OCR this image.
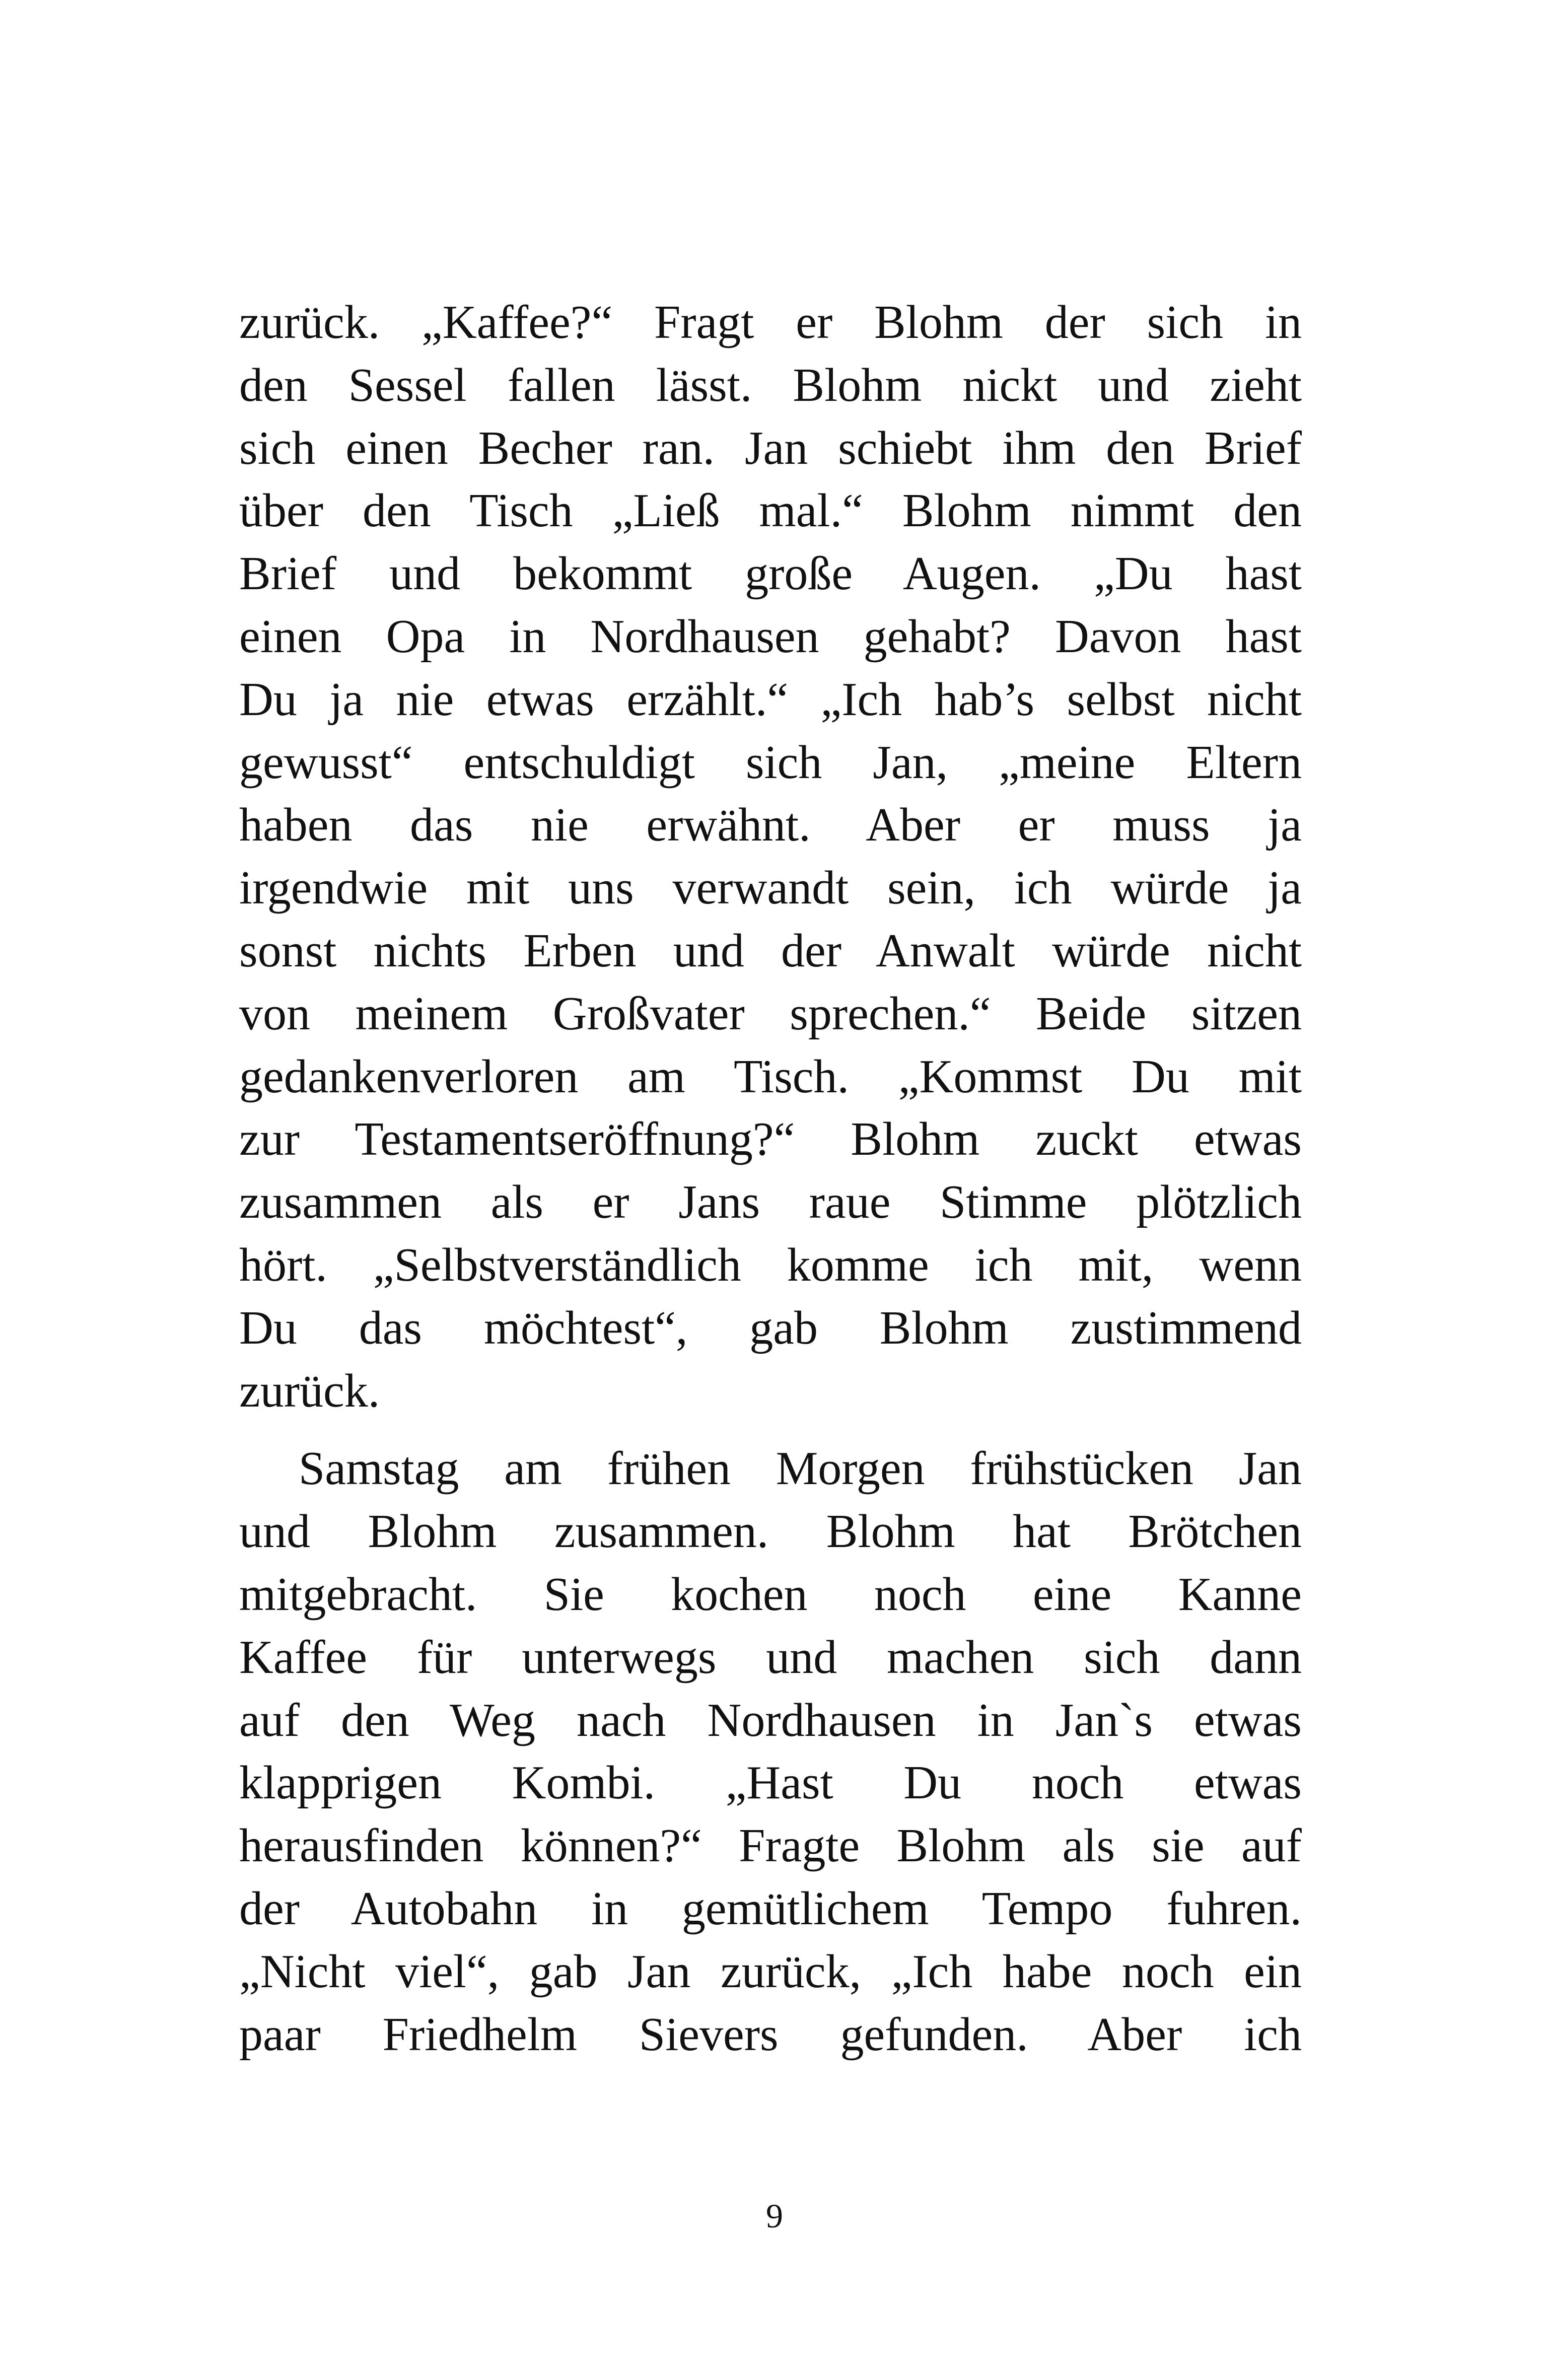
zurück. „Kaffee?“ Fragt er Blohm der sich in
den Sessel fallen lässt. Blohm nickt und zieht
sich einen Becher ran. Jan schiebt ihm den Brief
über den Tisch „Ließ mal.“ Blohm nimmt den
Brief und bekommt große Augen. „Du hast
einen Opa in Nordhausen gehabt? Davon hast
Du ja nie etwas erzählt.“ „Ich hab’s selbst nicht
gewusst“ entschuldigt sich Jan, „meine Eltern
haben das nie erwähnt. Aber er muss ja
irgendwie mit uns verwandt sein, ich würde ja
sonst nichts Erben und der Anwalt würde nicht
von meinem Großvater sprechen.“ Beide sitzen
gedankenverloren am Tisch. „Kommst Du mit
zur Testamentseröffnung?“ Blohm zuckt etwas
zusammen als er Jans raue Stimme plötzlich
hört. „Selbstverständlich komme ich mit, wenn
Du das möchtest“, gab Blohm zustimmend
zurück.
Samstag am frühen Morgen frühstücken Jan
und Blohm zusammen. Blohm hat Brötchen
mitgebracht. Sie kochen noch eine Kanne
Kaffee für unterwegs und machen sich dann
auf den Weg nach Nordhausen in Jan`s etwas
klapprigen Kombi. „Hast Du noch etwas
herausfinden können?“ Fragte Blohm als sie auf
der Autobahn in gemütlichem Tempo fuhren.
„Nicht viel“, gab Jan zurück, „Ich habe noch ein
paar Friedhelm Sievers gefunden. Aber ich
9
